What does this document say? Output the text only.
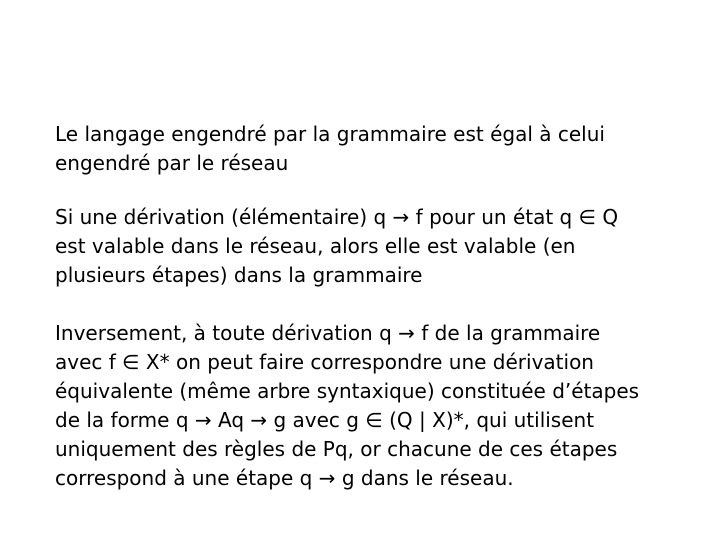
Le langage engendré par la grammaire est égal à celui
engendré par le réseau

Si une dérivation (élémentaire) q → f pour un état q ∈ Q
est valable dans le réseau, alors elle est valable (en
plusieurs étapes) dans la grammaire

Inversement, à toute dérivation q → f de la grammaire
avec f ∈ X* on peut faire correspondre une dérivation
équivalente (même arbre syntaxique) constituée d’étapes
de la forme q → Aq → g avec g ∈ (Q | X)*, qui utilisent
uniquement des règles de Pq, or chacune de ces étapes
correspond à une étape q → g dans le réseau.
